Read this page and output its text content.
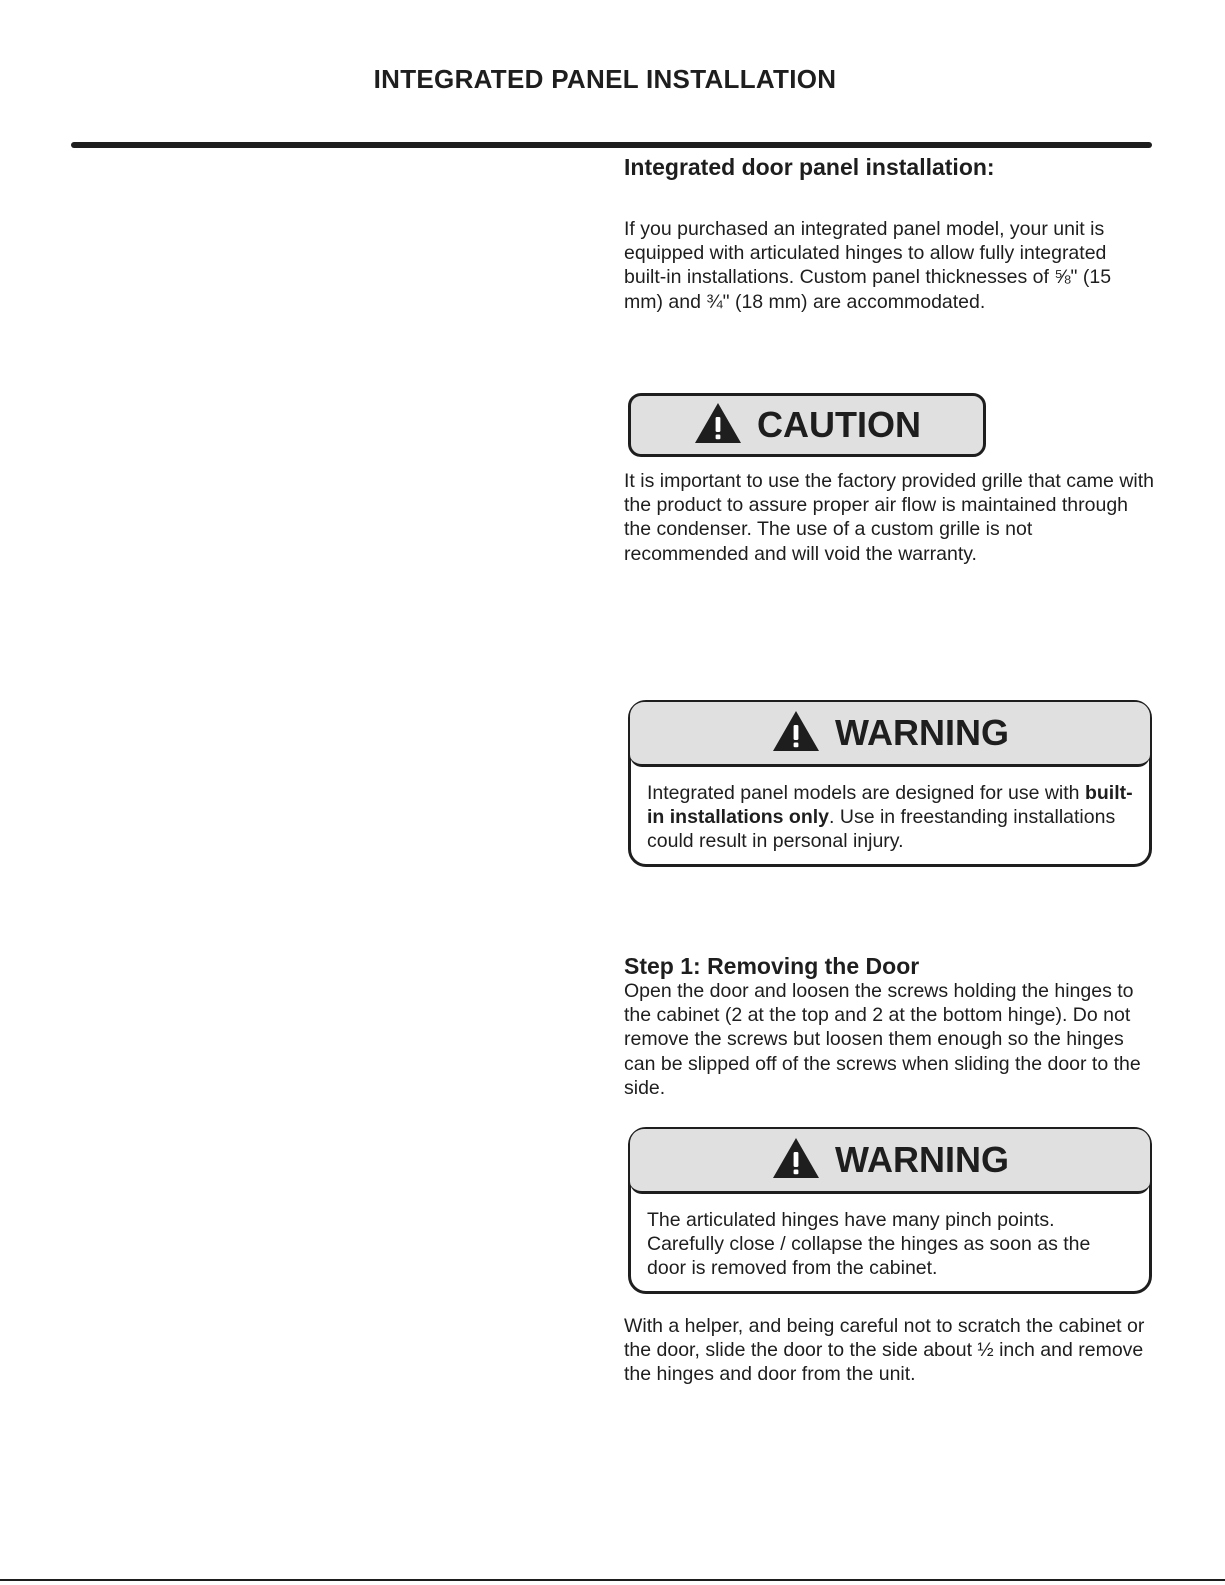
INTEGRATED PANEL INSTALLATION

Integrated door panel installation:

If you purchased an integrated panel model, your unit is equipped with articulated hinges to allow fully integrated built-in installations. Custom panel thicknesses of ⅝" (15 mm) and ¾" (18 mm) are accommodated.

CAUTION

It is important to use the factory provided grille that came with the product to assure proper air flow is maintained through the condenser. The use of a custom grille is not recommended and will void the warranty.

WARNING
Integrated panel models are designed for use with built-in installations only. Use in freestanding installations could result in personal injury.

Step 1: Removing the Door

Open the door and loosen the screws holding the hinges to the cabinet (2 at the top and 2 at the bottom hinge). Do not remove the screws but loosen them enough so the hinges can be slipped off of the screws when sliding the door to the side.

WARNING
The articulated hinges have many pinch points. Carefully close / collapse the hinges as soon as the door is removed from the cabinet.

With a helper, and being careful not to scratch the cabinet or the door, slide the door to the side about ½ inch and remove the hinges and door from the unit.
